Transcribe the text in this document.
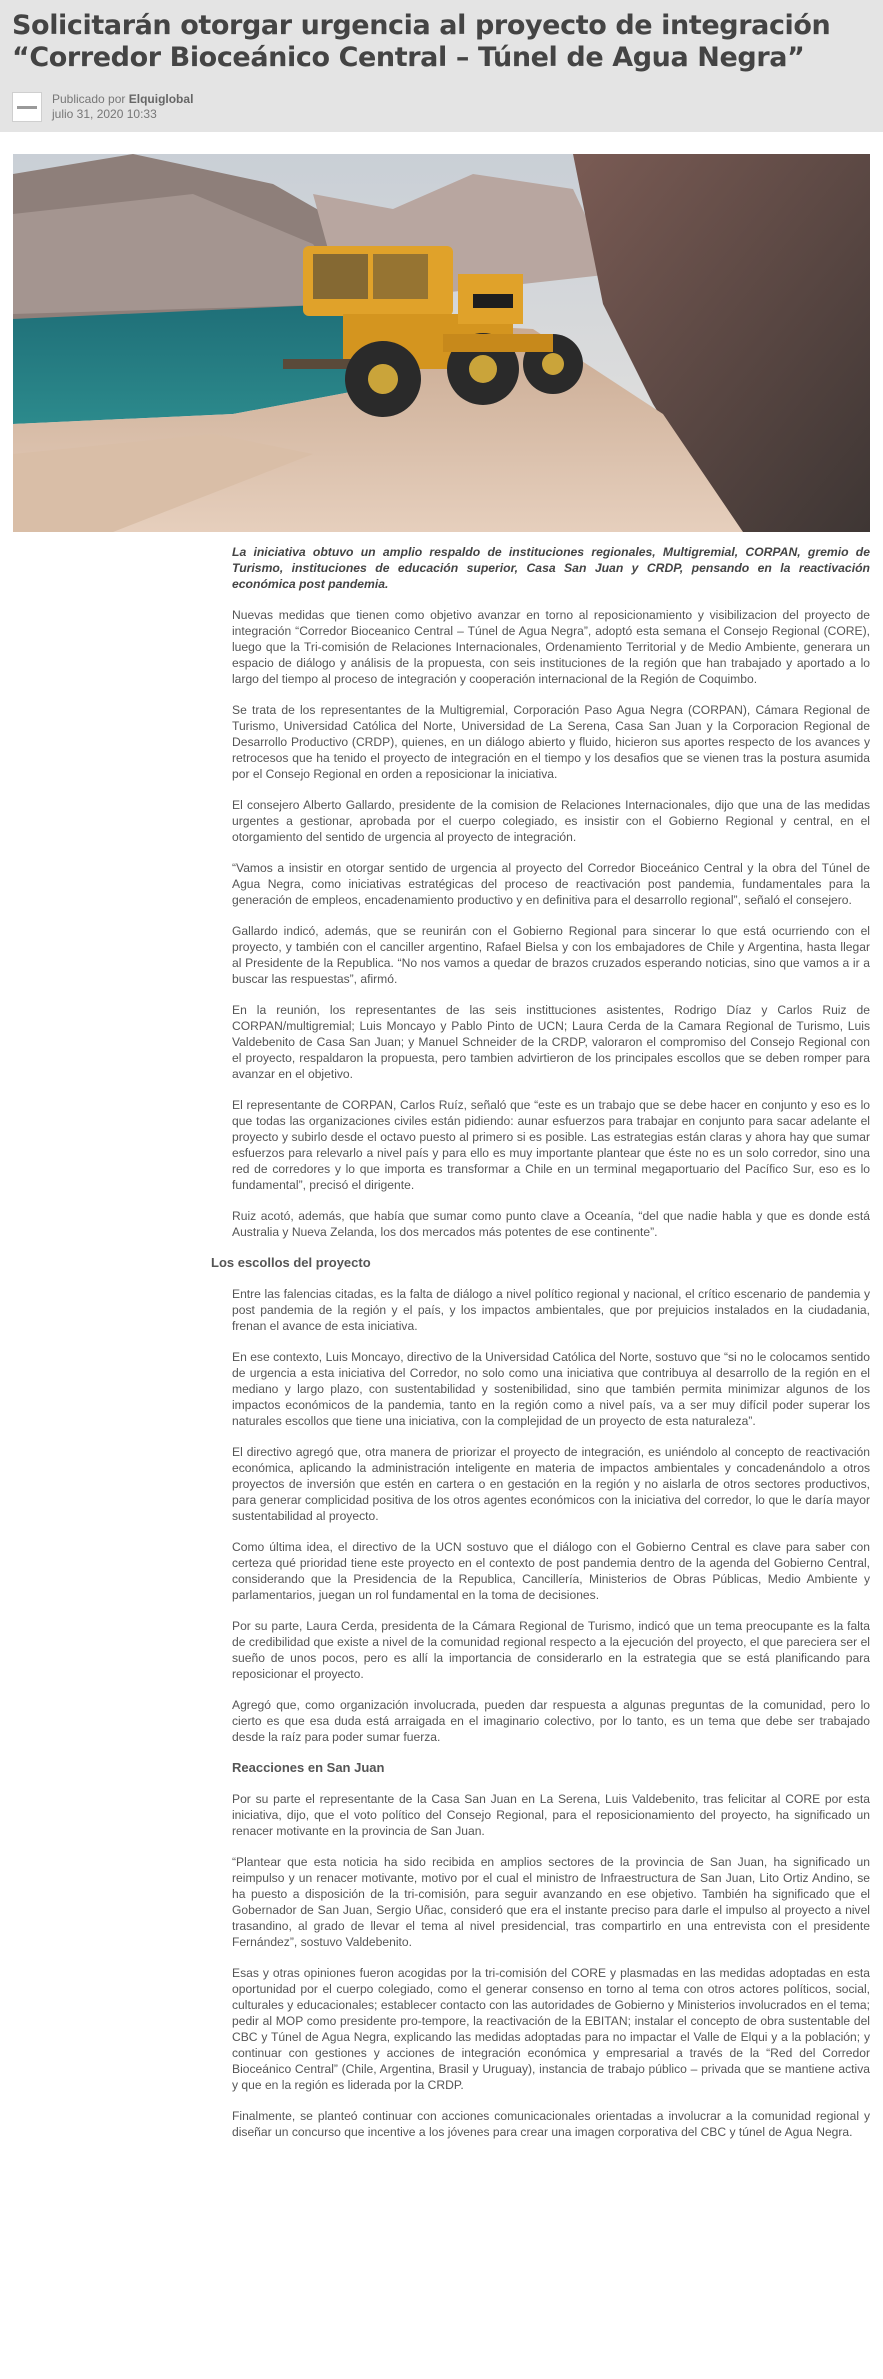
Solicitarán otorgar urgencia al proyecto de integración “Corredor Bioceánico Central – Túnel de Agua Negra”
Publicado por Elquiglobal
julio 31, 2020 10:33

La iniciativa obtuvo un amplio respaldo de instituciones regionales, Multigremial, CORPAN, gremio de Turismo, instituciones de educación superior, Casa San Juan y CRDP, pensando en la reactivación económica post pandemia.

Nuevas medidas que tienen como objetivo avanzar en torno al reposicionamiento y visibilizacion del proyecto de integración “Corredor Bioceanico Central – Túnel de Agua Negra”, adoptó esta semana el Consejo Regional (CORE), luego que la Tri-comisión de Relaciones Internacionales, Ordenamiento Territorial y de Medio Ambiente, generara un espacio de diálogo y análisis de la propuesta, con seis instituciones de la región que han trabajado y aportado a lo largo del tiempo al proceso de integración y cooperación internacional de la Región de Coquimbo.

Se trata de los representantes de la Multigremial, Corporación Paso Agua Negra (CORPAN), Cámara Regional de Turismo, Universidad Católica del Norte, Universidad de La Serena, Casa San Juan y la Corporacion Regional de Desarrollo Productivo (CRDP), quienes, en un diálogo abierto y fluido, hicieron sus aportes respecto de los avances y retrocesos que ha tenido el proyecto de integración en el tiempo y los desafios que se vienen tras la postura asumida por el Consejo Regional en orden a reposicionar la iniciativa.

El consejero Alberto Gallardo, presidente de la comision de Relaciones Internacionales, dijo que una de las medidas urgentes a gestionar, aprobada por el cuerpo colegiado, es insistir con el Gobierno Regional y central, en el otorgamiento del sentido de urgencia al proyecto de integración.

“Vamos a insistir en otorgar sentido de urgencia al proyecto del Corredor Bioceánico Central y la obra del Túnel de Agua Negra, como iniciativas estratégicas del proceso de reactivación post pandemia, fundamentales para la generación de empleos, encadenamiento productivo y en definitiva para el desarrollo regional”, señaló el consejero.

Gallardo indicó, además, que se reunirán con el Gobierno Regional para sincerar lo que está ocurriendo con el proyecto, y también con el canciller argentino, Rafael Bielsa y con los embajadores de Chile y Argentina, hasta llegar al Presidente de la Republica. “No nos vamos a quedar de brazos cruzados esperando noticias, sino que vamos a ir a buscar las respuestas”, afirmó.

En la reunión, los representantes de las seis instittuciones asistentes, Rodrigo Díaz y Carlos Ruiz de CORPAN/multigremial; Luis Moncayo y Pablo Pinto de UCN; Laura Cerda de la Camara Regional de Turismo, Luis Valdebenito de Casa San Juan; y Manuel Schneider de la CRDP, valoraron el compromiso del Consejo Regional con el proyecto, respaldaron la propuesta, pero tambien advirtieron de los principales escollos que se deben romper para avanzar en el objetivo.

El representante de CORPAN, Carlos Ruíz, señaló que “este es un trabajo que se debe hacer en conjunto y eso es lo que todas las organizaciones civiles están pidiendo: aunar esfuerzos para trabajar en conjunto para sacar adelante el proyecto y subirlo desde el octavo puesto al primero si es posible. Las estrategias están claras y ahora hay que sumar esfuerzos para relevarlo a nivel país y para ello es muy importante plantear que éste no es un solo corredor, sino una red de corredores y lo que importa es transformar a Chile en un terminal megaportuario del Pacífico Sur, eso es lo fundamental”, precisó el dirigente.

Ruiz acotó, además, que había que sumar como punto clave a Oceanía, “del que nadie habla y que es donde está Australia y Nueva Zelanda, los dos mercados más potentes de ese continente”.

Los escollos del proyecto

Entre las falencias citadas, es la falta de diálogo a nivel político regional y nacional, el crítico escenario de pandemia y post pandemia de la región y el país, y los impactos ambientales, que por prejuicios instalados en la ciudadania, frenan el avance de esta iniciativa.

En ese contexto, Luis Moncayo, directivo de la Universidad Católica del Norte, sostuvo que “si no le colocamos sentido de urgencia a esta iniciativa del Corredor, no solo como una iniciativa que contribuya al desarrollo de la región en el mediano y largo plazo, con sustentabilidad y sostenibilidad, sino que también permita minimizar algunos de los impactos económicos de la pandemia, tanto en la región como a nivel país, va a ser muy difícil poder superar los naturales escollos que tiene una iniciativa, con la complejidad de un proyecto de esta naturaleza”.

El directivo agregó que, otra manera de priorizar el proyecto de integración, es uniéndolo al concepto de reactivación económica, aplicando la administración inteligente en materia de impactos ambientales y concadenándolo a otros proyectos de inversión que estén en cartera o en gestación en la región y no aislarla de otros sectores productivos, para generar complicidad positiva de los otros agentes económicos con la iniciativa del corredor, lo que le daría mayor sustentabilidad al proyecto.

Como última idea, el directivo de la UCN sostuvo que el diálogo con el Gobierno Central es clave para saber con certeza qué prioridad tiene este proyecto en el contexto de post pandemia dentro de la agenda del Gobierno Central, considerando que la Presidencia de la Republica, Cancillería, Ministerios de Obras Públicas, Medio Ambiente y parlamentarios, juegan un rol fundamental en la toma de decisiones.

Por su parte, Laura Cerda, presidenta de la Cámara Regional de Turismo, indicó que un tema preocupante es la falta de credibilidad que existe a nivel de la comunidad regional respecto a la ejecución del proyecto, el que pareciera ser el sueño de unos pocos, pero es allí la importancia de considerarlo en la estrategia que se está planificando para reposicionar el proyecto.

Agregó que, como organización involucrada, pueden dar respuesta a algunas preguntas de la comunidad, pero lo cierto es que esa duda está arraigada en el imaginario colectivo, por lo tanto, es un tema que debe ser trabajado desde la raíz para poder sumar fuerza.

Reacciones en San Juan

Por su parte el representante de la Casa San Juan en La Serena, Luis Valdebenito, tras felicitar al CORE por esta iniciativa, dijo, que el voto político del Consejo Regional, para el reposicionamiento del proyecto, ha significado un renacer motivante en la provincia de San Juan.

“Plantear que esta noticia ha sido recibida en amplios sectores de la provincia de San Juan, ha significado un reimpulso y un renacer motivante, motivo por el cual el ministro de Infraestructura de San Juan, Lito Ortiz Andino, se ha puesto a disposición de la tri-comisión, para seguir avanzando en ese objetivo. También ha significado que el Gobernador de San Juan, Sergio Uñac, consideró que era el instante preciso para darle el impulso al proyecto a nivel trasandino, al grado de llevar el tema al nivel presidencial, tras compartirlo en una entrevista con el presidente Fernández”, sostuvo Valdebenito.

Esas y otras opiniones fueron acogidas por la tri-comisión del CORE y plasmadas en las medidas adoptadas en esta oportunidad por el cuerpo colegiado, como el generar consenso en torno al tema con otros actores políticos, social, culturales y educacionales; establecer contacto con las autoridades de Gobierno y Ministerios involucrados en el tema; pedir al MOP como presidente pro-tempore, la reactivación de la EBITAN; instalar el concepto de obra sustentable del CBC y Túnel de Agua Negra, explicando las medidas adoptadas para no impactar el Valle de Elqui y a la población; y continuar con gestiones y acciones de integración económica y empresarial a través de la “Red del Corredor Bioceánico Central” (Chile, Argentina, Brasil y Uruguay), instancia de trabajo público – privada que se mantiene activa y que en la región es liderada por la CRDP.

Finalmente, se planteó continuar con acciones comunicacionales orientadas a involucrar a la comunidad regional y diseñar un concurso que incentive a los jóvenes para crear una imagen corporativa del CBC y túnel de Agua Negra.
